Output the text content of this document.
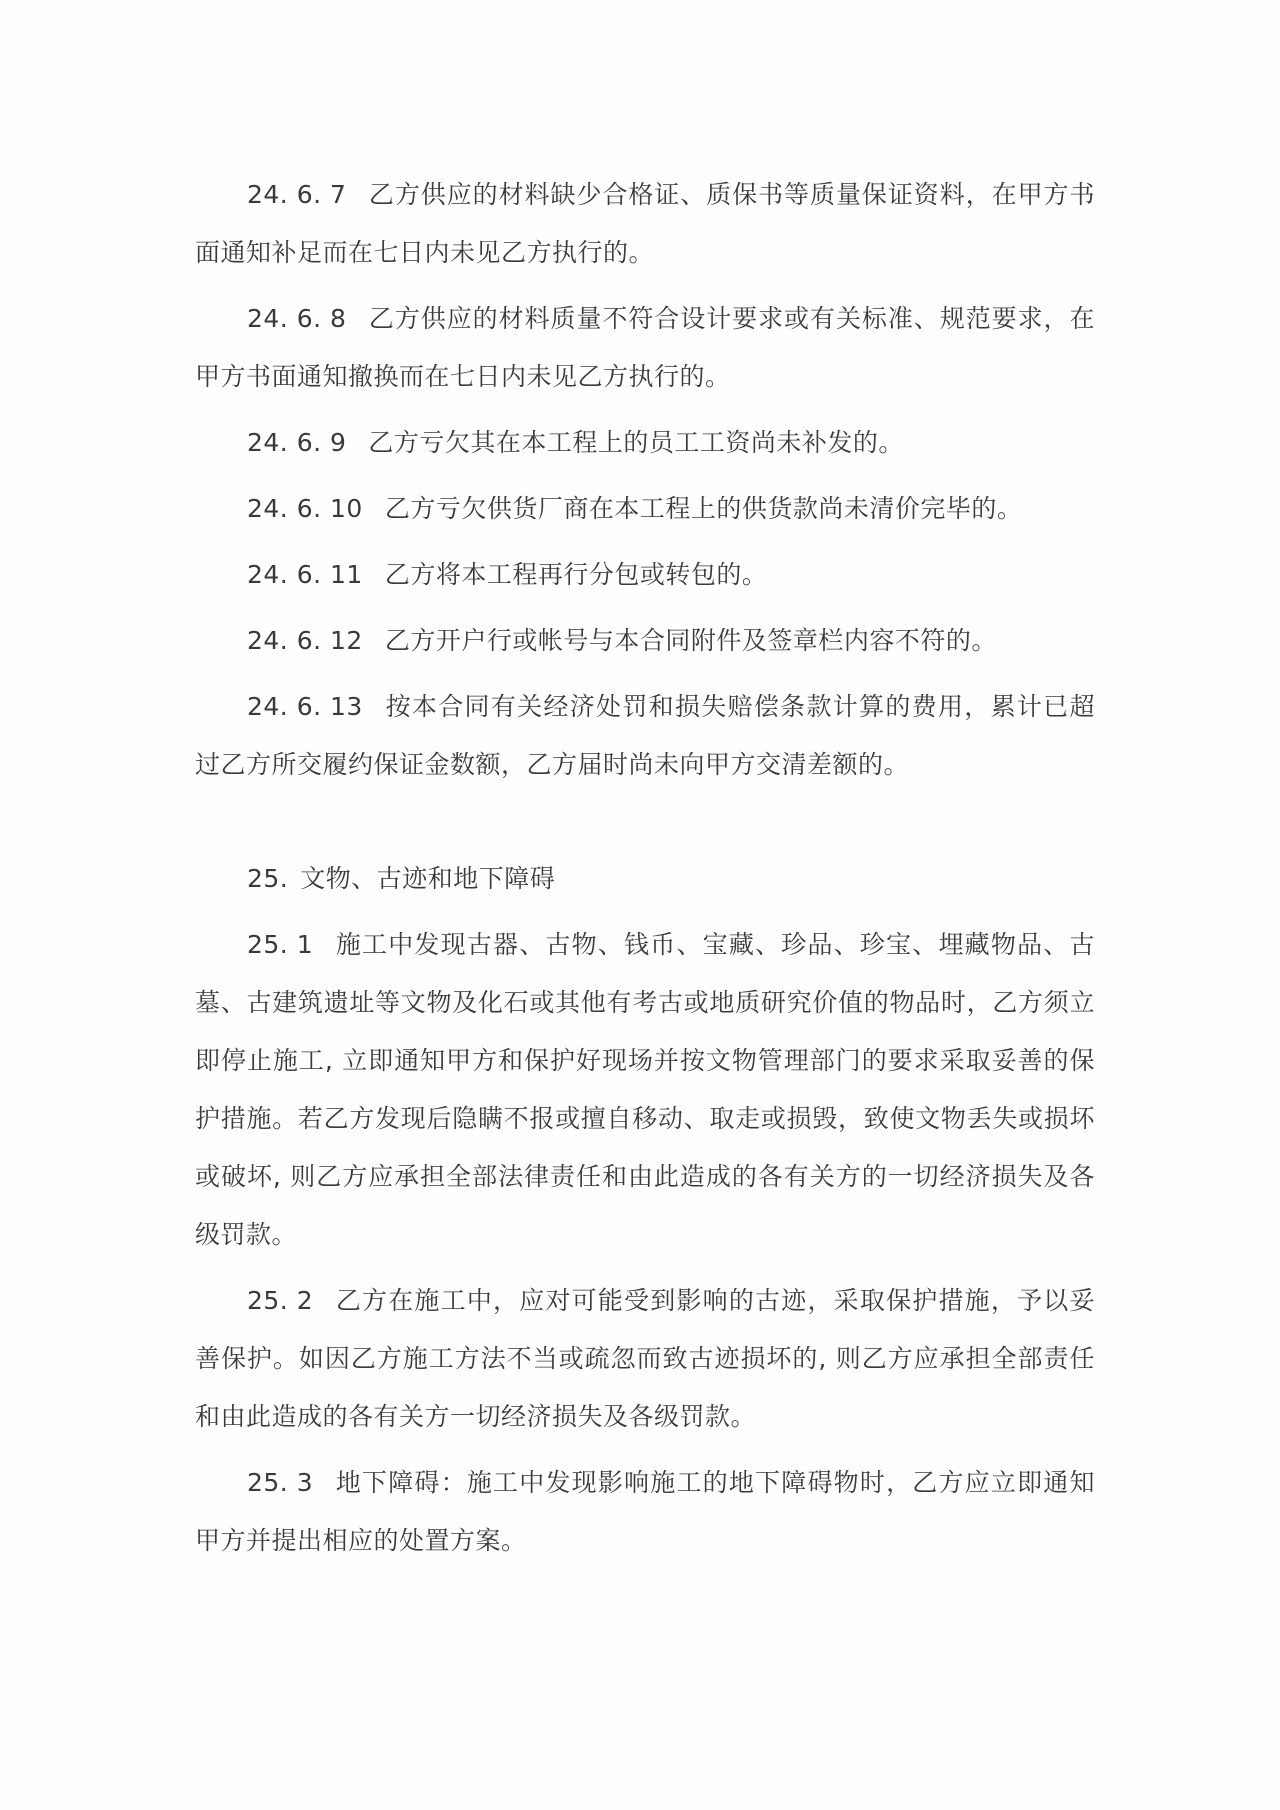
24. 6. 7 乙方供应的材料缺少合格证、质保书等质量保证资料，在甲方书面通知补足而在七日内未见乙方执行的。

24. 6. 8 乙方供应的材料质量不符合设计要求或有关标准、规范要求，在甲方书面通知撤换而在七日内未见乙方执行的。

24. 6. 9 乙方亏欠其在本工程上的员工工资尚未补发的。

24. 6. 10 乙方亏欠供货厂商在本工程上的供货款尚未清价完毕的。

24. 6. 11 乙方将本工程再行分包或转包的。

24. 6. 12 乙方开户行或帐号与本合同附件及签章栏内容不符的。

24. 6. 13 按本合同有关经济处罚和损失赔偿条款计算的费用，累计已超过乙方所交履约保证金数额，乙方届时尚未向甲方交清差额的。

25. 文物、古迹和地下障碍

25. 1 施工中发现古器、古物、钱币、宝藏、珍品、珍宝、埋藏物品、古墓、古建筑遗址等文物及化石或其他有考古或地质研究价值的物品时，乙方须立即停止施工, 立即通知甲方和保护好现场并按文物管理部门的要求采取妥善的保护措施。若乙方发现后隐瞒不报或擅自移动、取走或损毁，致使文物丢失或损坏或破坏, 则乙方应承担全部法律责任和由此造成的各有关方的一切经济损失及各级罚款。

25. 2 乙方在施工中，应对可能受到影响的古迹，采取保护措施，予以妥善保护。如因乙方施工方法不当或疏忽而致古迹损坏的, 则乙方应承担全部责任和由此造成的各有关方一切经济损失及各级罚款。

25. 3 地下障碍：施工中发现影响施工的地下障碍物时，乙方应立即通知甲方并提出相应的处置方案。
